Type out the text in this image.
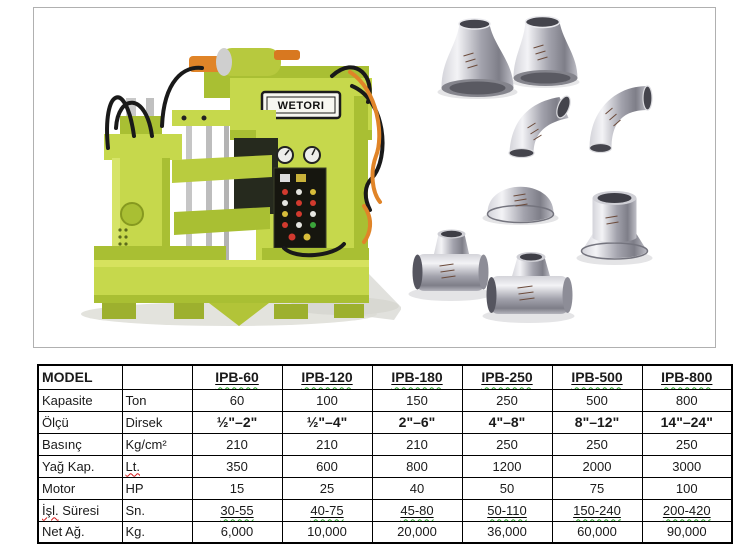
WETORI
MODEL		IPB-60	IPB-120	IPB-180	IPB-250	IPB-500	IPB-800
Kapasite	Ton	60	100	150	250	500	800
Ölçü	Dirsek	½"–2"	½"–4"	2"–6"	4"–8"	8"–12"	14"–24"
Basınç	Kg/cm²	210	210	210	250	250	250
Yağ Kap.	Lt.	350	600	800	1200	2000	3000
Motor	HP	15	25	40	50	75	100
İşl. Süresi	Sn.	30-55	40-75	45-80	50-110	150-240	200-420
Net Ağ.	Kg.	6,000	10,000	20,000	36,000	60,000	90,000
